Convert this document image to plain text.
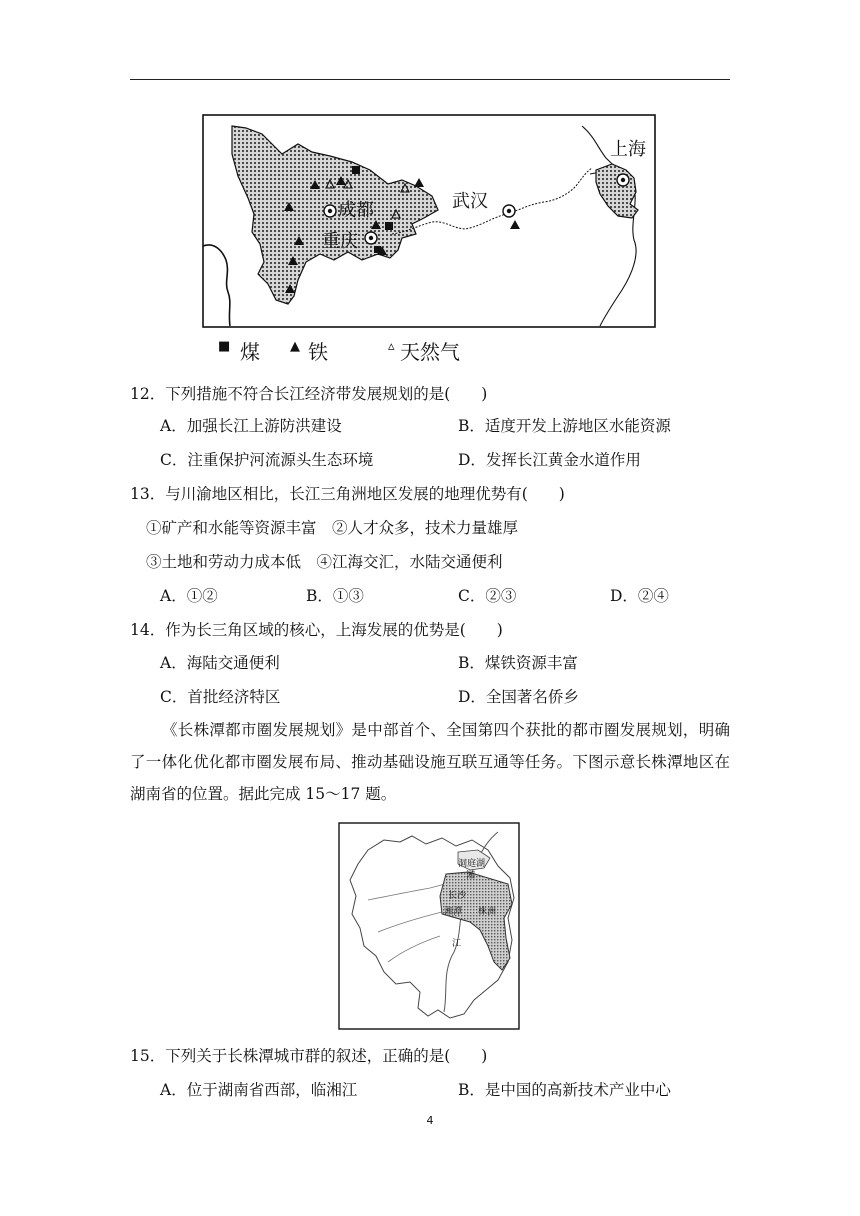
上海
武汉
成都
重庆
■ 煤 ▲ 铁	▵ 天然气
12．下列措施不符合长江经济带发展规划的是(　　)
A．加强长江上游防洪建设	B．适度开发上游地区水能资源
C．注重保护河流源头生态环境	D．发挥长江黄金水道作用
13．与川渝地区相比，长江三角洲地区发展的地理优势有(　　)
①矿产和水能等资源丰富　②人才众多，技术力量雄厚
③土地和劳动力成本低　④江海交汇，水陆交通便利
A．①②	B．①③	C．②③	D．②④
14．作为长三角区域的核心，上海发展的优势是(　　)
A．海陆交通便利	B．煤铁资源丰富
C．首批经济特区	D．全国著名侨乡
《长株潭都市圈发展规划》是中部首个、全国第四个获批的都市圈发展规划，明确了一体化优化都市圈发展布局、推动基础设施互联互通等任务。下图示意长株潭地区在湖南省的位置。据此完成 15～17 题。
洞庭湖
湘
长沙
湘潭 株洲
江
15．下列关于长株潭城市群的叙述，正确的是(　　)
A．位于湖南省西部，临湘江	B．是中国的高新技术产业中心
4
